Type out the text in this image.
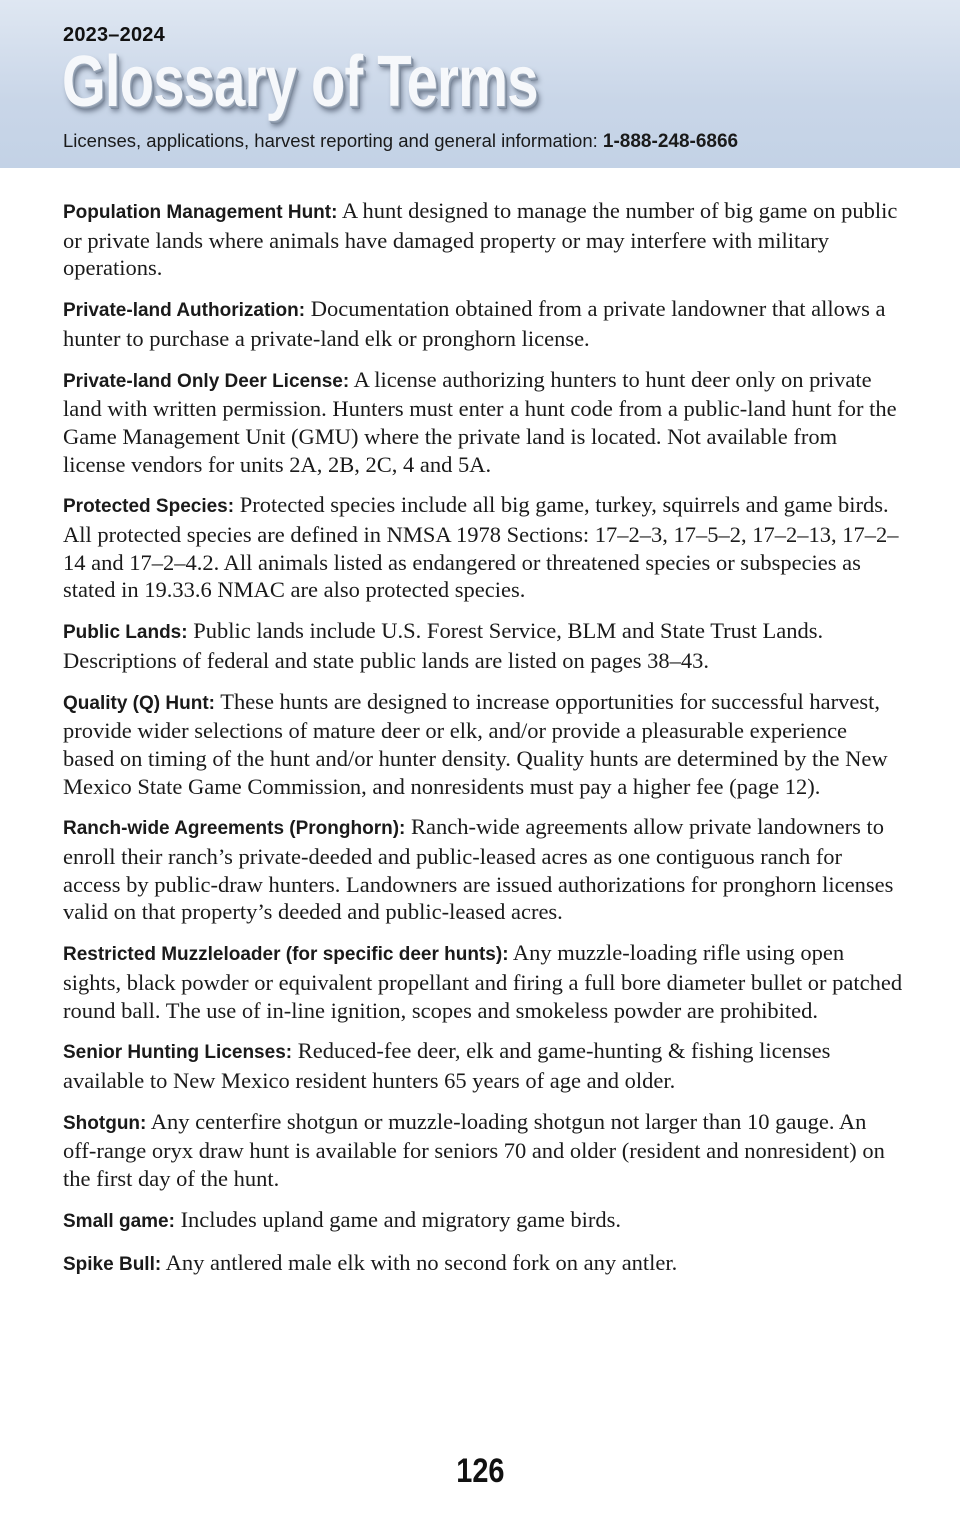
2023–2024
Glossary of Terms
Licenses, applications, harvest reporting and general information: 1-888-248-6866

Population Management Hunt: A hunt designed to manage the number of big game on public or private lands where animals have damaged property or may interfere with military operations.

Private-land Authorization: Documentation obtained from a private landowner that allows a hunter to purchase a private-land elk or pronghorn license.

Private-land Only Deer License: A license authorizing hunters to hunt deer only on private land with written permission. Hunters must enter a hunt code from a public-land hunt for the Game Management Unit (GMU) where the private land is located. Not available from license vendors for units 2A, 2B, 2C, 4 and 5A.

Protected Species: Protected species include all big game, turkey, squirrels and game birds. All protected species are defined in NMSA 1978 Sections: 17–2–3, 17–5–2, 17–2–13, 17–2–14 and 17–2–4.2. All animals listed as endangered or threatened species or subspecies as stated in 19.33.6 NMAC are also protected species.

Public Lands: Public lands include U.S. Forest Service, BLM and State Trust Lands. Descriptions of federal and state public lands are listed on pages 38–43.

Quality (Q) Hunt: These hunts are designed to increase opportunities for successful harvest, provide wider selections of mature deer or elk, and/or provide a pleasurable experience based on timing of the hunt and/or hunter density. Quality hunts are determined by the New Mexico State Game Commission, and nonresidents must pay a higher fee (page 12).

Ranch-wide Agreements (Pronghorn): Ranch-wide agreements allow private landowners to enroll their ranch’s private-deeded and public-leased acres as one contiguous ranch for access by public-draw hunters. Landowners are issued authorizations for pronghorn licenses valid on that property’s deeded and public-leased acres.

Restricted Muzzleloader (for specific deer hunts): Any muzzle-loading rifle using open sights, black powder or equivalent propellant and firing a full bore diameter bullet or patched round ball. The use of in-line ignition, scopes and smokeless powder are prohibited.

Senior Hunting Licenses: Reduced-fee deer, elk and game-hunting & fishing licenses available to New Mexico resident hunters 65 years of age and older.

Shotgun: Any centerfire shotgun or muzzle-loading shotgun not larger than 10 gauge. An off-range oryx draw hunt is available for seniors 70 and older (resident and nonresident) on the first day of the hunt.

Small game: Includes upland game and migratory game birds.

Spike Bull: Any antlered male elk with no second fork on any antler.

126
